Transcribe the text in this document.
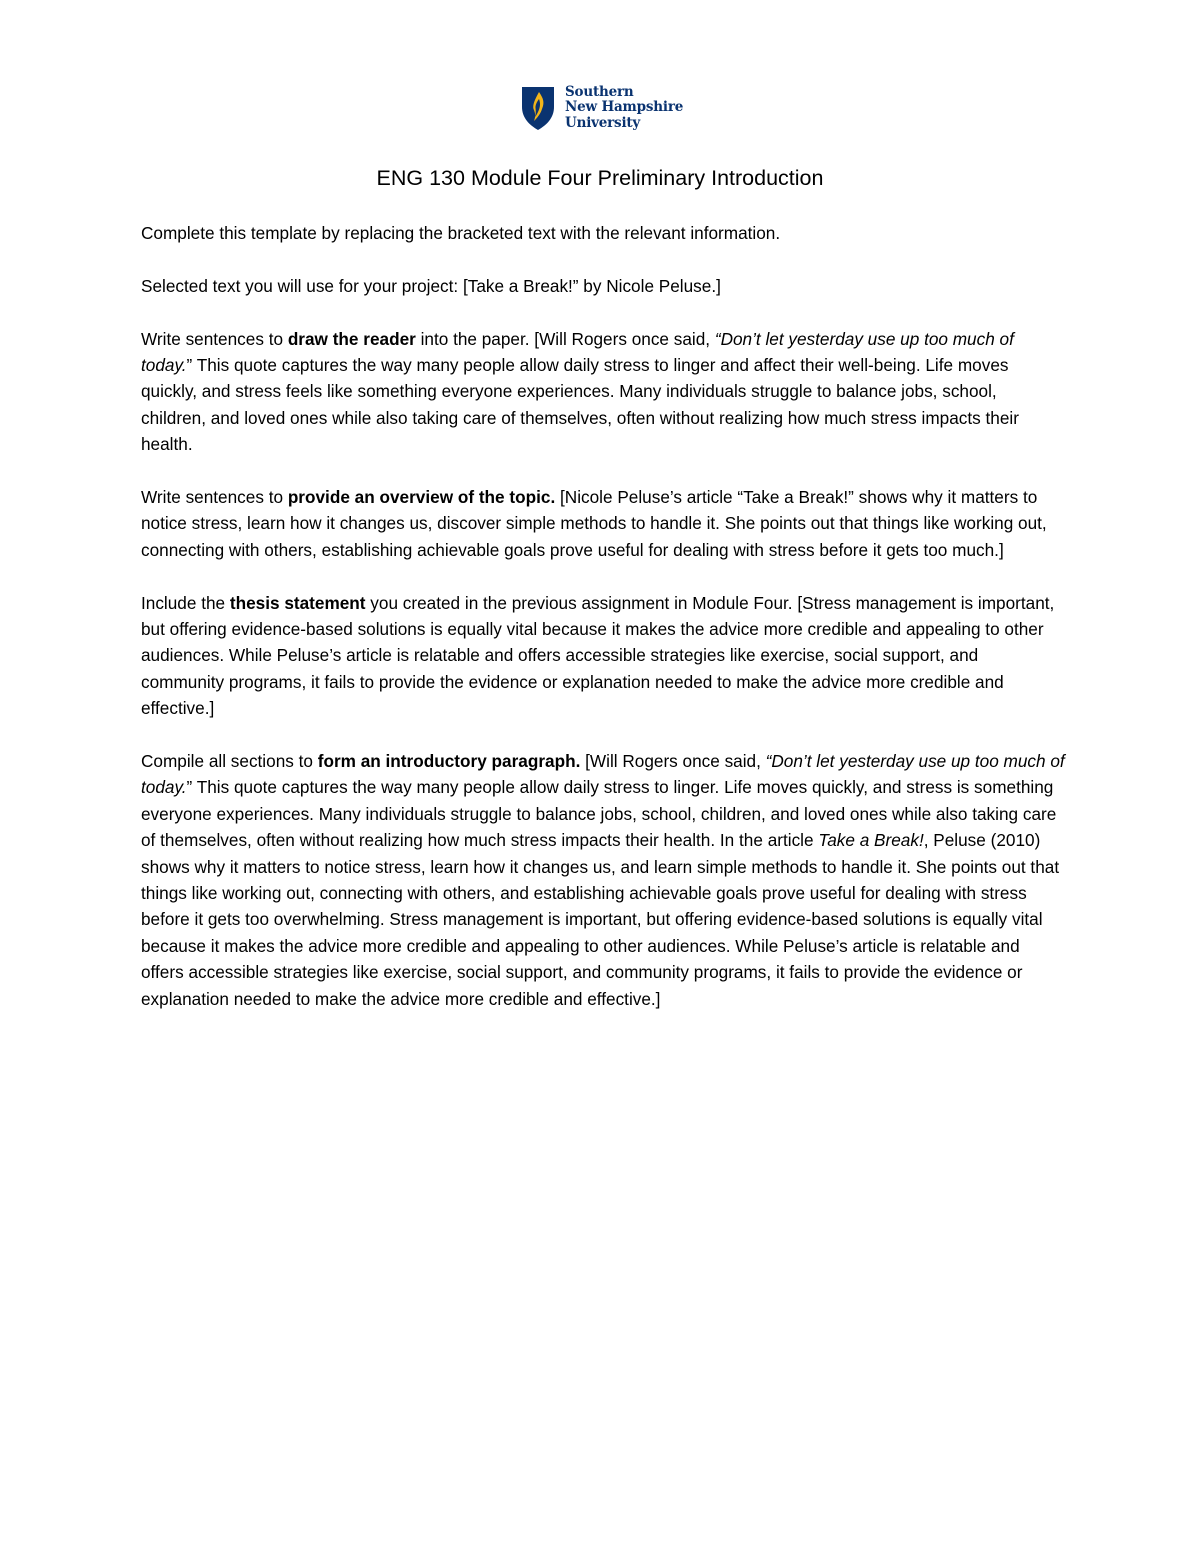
Southern
New Hampshire
University
ENG 130 Module Four Preliminary Introduction

Complete this template by replacing the bracketed text with the relevant information.

Selected text you will use for your project: [Take a Break!” by Nicole Peluse.]

Write sentences to draw the reader into the paper. [Will Rogers once said, “Don’t let yesterday use up too much of today.” This quote captures the way many people allow daily stress to linger and affect their well-being. Life moves quickly, and stress feels like something everyone experiences. Many individuals struggle to balance jobs, school, children, and loved ones while also taking care of themselves, often without realizing how much stress impacts their health.

Write sentences to provide an overview of the topic. [Nicole Peluse’s article “Take a Break!” shows why it matters to notice stress, learn how it changes us, discover simple methods to handle it. She points out that things like working out, connecting with others, establishing achievable goals prove useful for dealing with stress before it gets too much.]

Include the thesis statement you created in the previous assignment in Module Four. [Stress management is important, but offering evidence-based solutions is equally vital because it makes the advice more credible and appealing to other audiences. While Peluse’s article is relatable and offers accessible strategies like exercise, social support, and community programs, it fails to provide the evidence or explanation needed to make the advice more credible and effective.]

Compile all sections to form an introductory paragraph. [Will Rogers once said, “Don’t let yesterday use up too much of today.” This quote captures the way many people allow daily stress to linger. Life moves quickly, and stress is something everyone experiences. Many individuals struggle to balance jobs, school, children, and loved ones while also taking care of themselves, often without realizing how much stress impacts their health. In the article Take a Break!, Peluse (2010) shows why it matters to notice stress, learn how it changes us, and learn simple methods to handle it. She points out that things like working out, connecting with others, and establishing achievable goals prove useful for dealing with stress before it gets too overwhelming. Stress management is important, but offering evidence-based solutions is equally vital because it makes the advice more credible and appealing to other audiences. While Peluse’s article is relatable and offers accessible strategies like exercise, social support, and community programs, it fails to provide the evidence or explanation needed to make the advice more credible and effective.]
